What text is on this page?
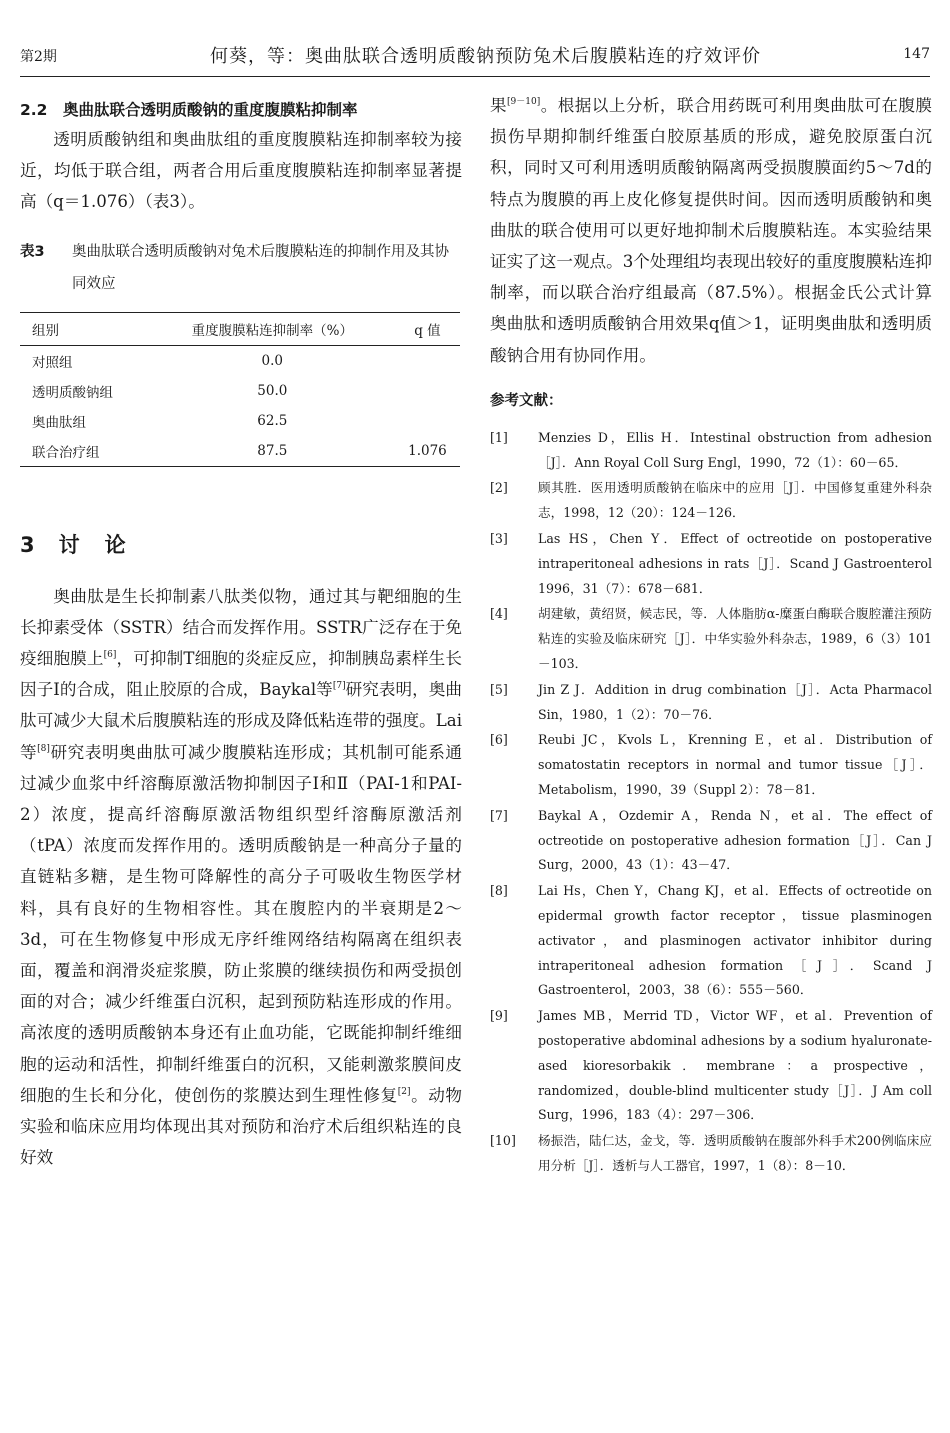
第2期	何葵，等：奥曲肽联合透明质酸钠预防兔术后腹膜粘连的疗效评价	147
2.2　奥曲肽联合透明质酸钠的重度腹膜粘抑制率

透明质酸钠组和奥曲肽组的重度腹膜粘连抑制率较为接近，均低于联合组，两者合用后重度腹膜粘连抑制率显著提高（q＝1.076）（表3）。

表3	奥曲肽联合透明质酸钠对兔术后腹膜粘连的抑制作用及其协同效应
组别	重度腹膜粘连抑制率（%）	q 值
对照组	0.0	
透明质酸钠组	50.0	
奥曲肽组	62.5	
联合治疗组	87.5	1.076
3 讨　论

奥曲肽是生长抑制素八肽类似物，通过其与靶细胞的生长抑素受体（SSTR）结合而发挥作用。SSTR广泛存在于免疫细胞膜上[6]，可抑制T细胞的炎症反应，抑制胰岛素样生长因子Ⅰ的合成，阻止胶原的合成，Baykal等[7]研究表明，奥曲肽可减少大鼠术后腹膜粘连的形成及降低粘连带的强度。Lai等[8]研究表明奥曲肽可减少腹膜粘连形成；其机制可能系通过减少血浆中纤溶酶原激活物抑制因子Ⅰ和Ⅱ（PAI-1和PAI-2）浓度，提高纤溶酶原激活物组织型纤溶酶原激活剂（tPA）浓度而发挥作用的。透明质酸钠是一种高分子量的直链粘多糖，是生物可降解性的高分子可吸收生物医学材料，具有良好的生物相容性。其在腹腔内的半衰期是2～3d，可在生物修复中形成无序纤维网络结构隔离在组织表面，覆盖和润滑炎症浆膜，防止浆膜的继续损伤和两受损创面的对合；减少纤维蛋白沉积，起到预防粘连形成的作用。高浓度的透明质酸钠本身还有止血功能，它既能抑制纤维细胞的运动和活性，抑制纤维蛋白的沉积，又能刺激浆膜间皮细胞的生长和分化，使创伤的浆膜达到生理性修复[2]。动物实验和临床应用均体现出其对预防和治疗术后组织粘连的良好效

果[9－10]。根据以上分析，联合用药既可利用奥曲肽可在腹膜损伤早期抑制纤维蛋白胶原基质的形成，避免胶原蛋白沉积，同时又可利用透明质酸钠隔离两受损腹膜面约5～7d的特点为腹膜的再上皮化修复提供时间。因而透明质酸钠和奥曲肽的联合使用可以更好地抑制术后腹膜粘连。本实验结果证实了这一观点。3个处理组均表现出较好的重度腹膜粘连抑制率，而以联合治疗组最高（87.5%）。根据金氏公式计算奥曲肽和透明质酸钠合用效果q值＞1，证明奥曲肽和透明质酸钠合用有协同作用。

参考文献：
[1]	Menzies D，Ellis H．Intestinal obstruction from adhesion［J］．Ann Royal Coll Surg Engl，1990，72（1）：60－65．
[2]	顾其胜．医用透明质酸钠在临床中的应用［J］．中国修复重建外科杂志，1998，12（20）：124－126．
[3]	Las HS，Chen Y．Effect of octreotide on postoperative intraperitoneal adhesions in rats［J］．Scand J Gastroenterol 1996，31（7）：678－681．
[4]	胡建敏，黄绍贤，候志民，等．人体脂肪α-糜蛋白酶联合腹腔灌注预防粘连的实验及临床研究［J］．中华实验外科杂志，1989，6（3）101－103．
[5]	Jin Z J．Addition in drug combination［J］．Acta Pharmacol Sin，1980，1（2）：70－76．
[6]	Reubi JC，Kvols L，Krenning E，et al．Distribution of somatostatin receptors in normal and tumor tissue［J］．Metabolism，1990，39（Suppl 2）：78－81．
[7]	Baykal A，Ozdemir A，Renda N，et al．The effect of octreotide on postoperative adhesion formation［J］．Can J Surg，2000，43（1）：43－47．
[8]	Lai Hs，Chen Y，Chang KJ，et al．Effects of octreotide on epidermal growth factor receptor，tissue plasminogen activator，and plasminogen activator inhibitor during intraperitoneal adhesion formation［J］．Scand J Gastroenterol，2003，38（6）：555－560．
[9]	James MB，Merrid TD，Victor WF，et al．Prevention of postoperative abdominal adhesions by a sodium hyaluronate-ased kioresorbakik．membrane：a prospective，randomized，double-blind multicenter study［J］．J Am coll Surg，1996，183（4）：297－306．
[10]	杨振浩，陆仁达，金戈，等．透明质酸钠在腹部外科手术200例临床应用分析［J］．透析与人工器官，1997，1（8）：8－10．
